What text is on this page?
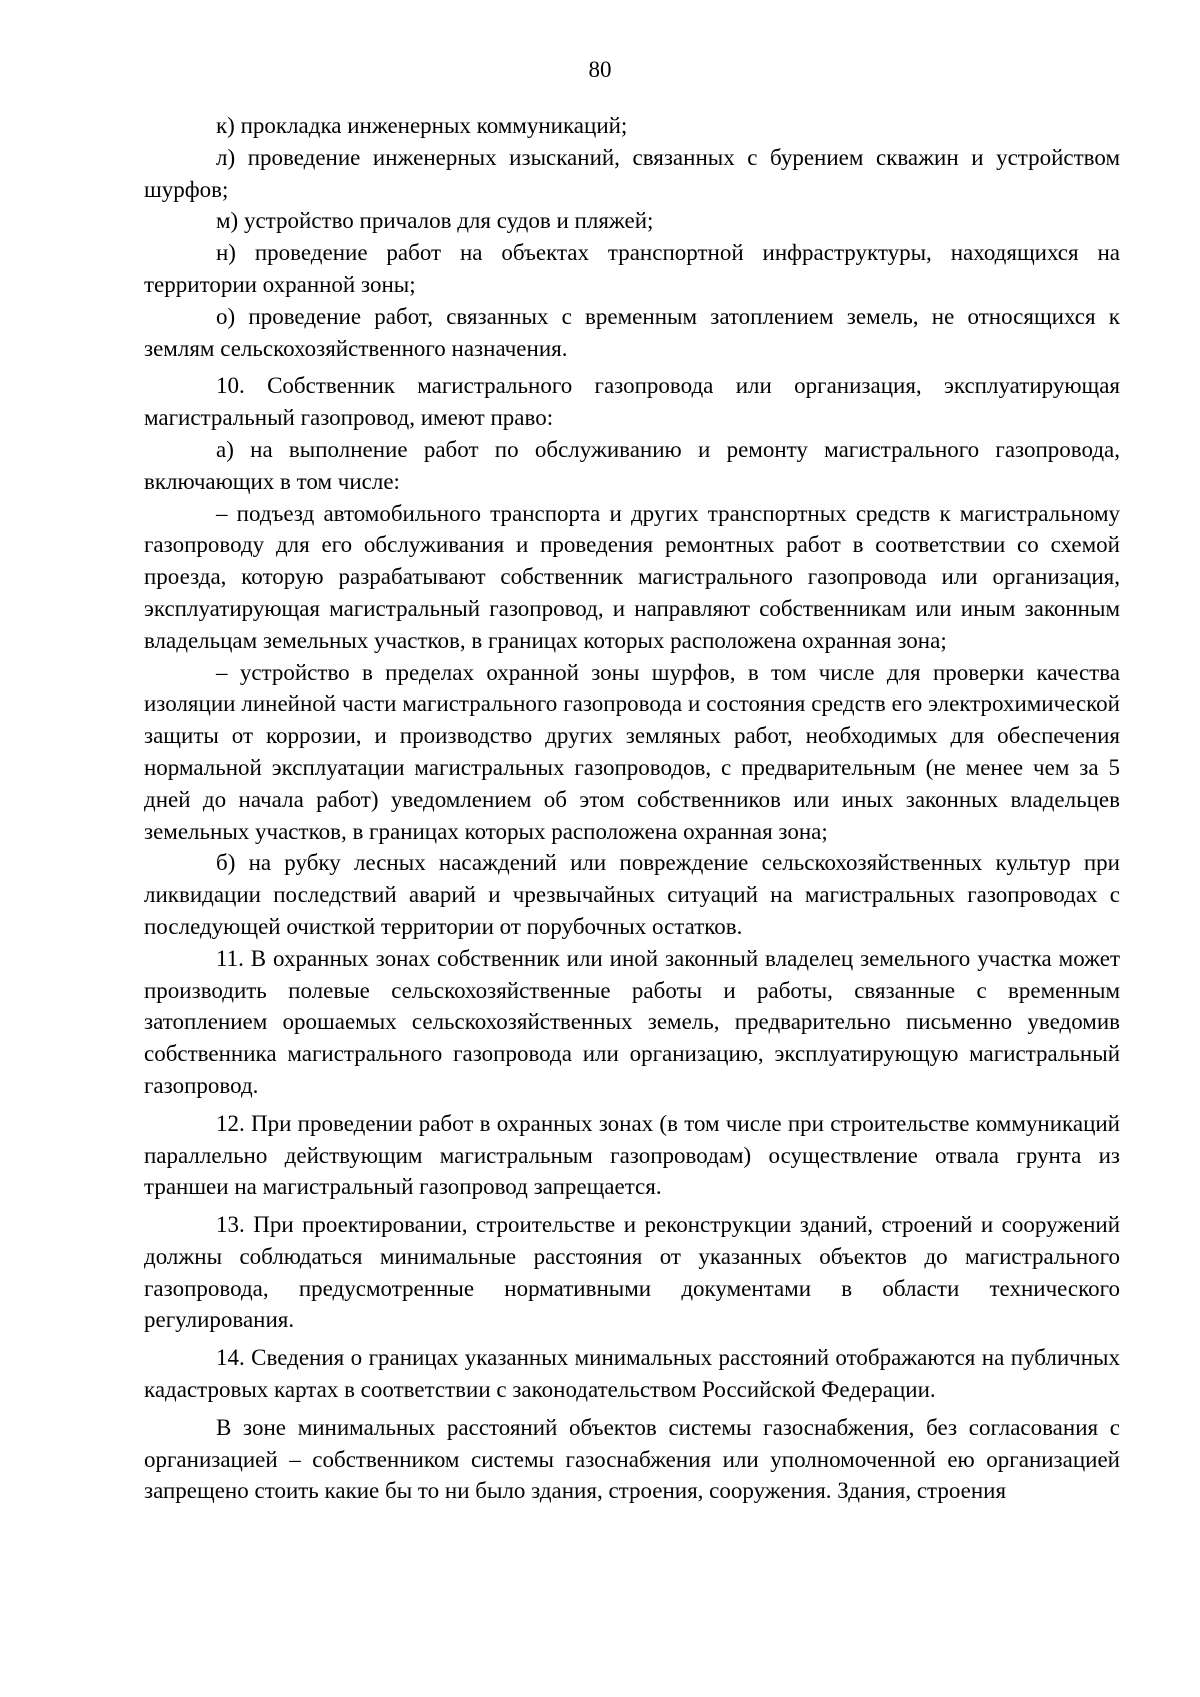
80

к) прокладка инженерных коммуникаций;

л) проведение инженерных изысканий, связанных с бурением скважин и устройством шурфов;

м) устройство причалов для судов и пляжей;

н) проведение работ на объектах транспортной инфраструктуры, находящихся на территории охранной зоны;

о) проведение работ, связанных с временным затоплением земель, не относящихся к землям сельскохозяйственного назначения.

10. Собственник магистрального газопровода или организация, эксплуатирующая магистральный газопровод, имеют право:

а) на выполнение работ по обслуживанию и ремонту магистрального газопровода, включающих в том числе:

– подъезд автомобильного транспорта и других транспортных средств к магистральному газопроводу для его обслуживания и проведения ремонтных работ в соответствии со схемой проезда, которую разрабатывают собственник магистрального газопровода или организация, эксплуатирующая магистральный газопровод, и направляют собственникам или иным законным владельцам земельных участков, в границах которых расположена охранная зона;

– устройство в пределах охранной зоны шурфов, в том числе для проверки качества изоляции линейной части магистрального газопровода и состояния средств его электрохимической защиты от коррозии, и производство других земляных работ, необходимых для обеспечения нормальной эксплуатации магистральных газопроводов, с предварительным (не менее чем за 5 дней до начала работ) уведомлением об этом собственников или иных законных владельцев земельных участков, в границах которых расположена охранная зона;

б) на рубку лесных насаждений или повреждение сельскохозяйственных культур при ликвидации последствий аварий и чрезвычайных ситуаций на магистральных газопроводах с последующей очисткой территории от порубочных остатков.

11. В охранных зонах собственник или иной законный владелец земельного участка может производить полевые сельскохозяйственные работы и работы, связанные с временным затоплением орошаемых сельскохозяйственных земель, предварительно письменно уведомив собственника магистрального газопровода или организацию, эксплуатирующую магистральный газопровод.

12. При проведении работ в охранных зонах (в том числе при строительстве коммуникаций параллельно действующим магистральным газопроводам) осуществление отвала грунта из траншеи на магистральный газопровод запрещается.

13. При проектировании, строительстве и реконструкции зданий, строений и сооружений должны соблюдаться минимальные расстояния от указанных объектов до магистрального газопровода, предусмотренные нормативными документами в области технического регулирования.

14. Сведения о границах указанных минимальных расстояний отображаются на публичных кадастровых картах в соответствии с законодательством Российской Федерации.

В зоне минимальных расстояний объектов системы газоснабжения, без согласования с организацией – собственником системы газоснабжения или уполномоченной ею организацией запрещено стоить какие бы то ни было здания, строения, сооружения. Здания, строения
